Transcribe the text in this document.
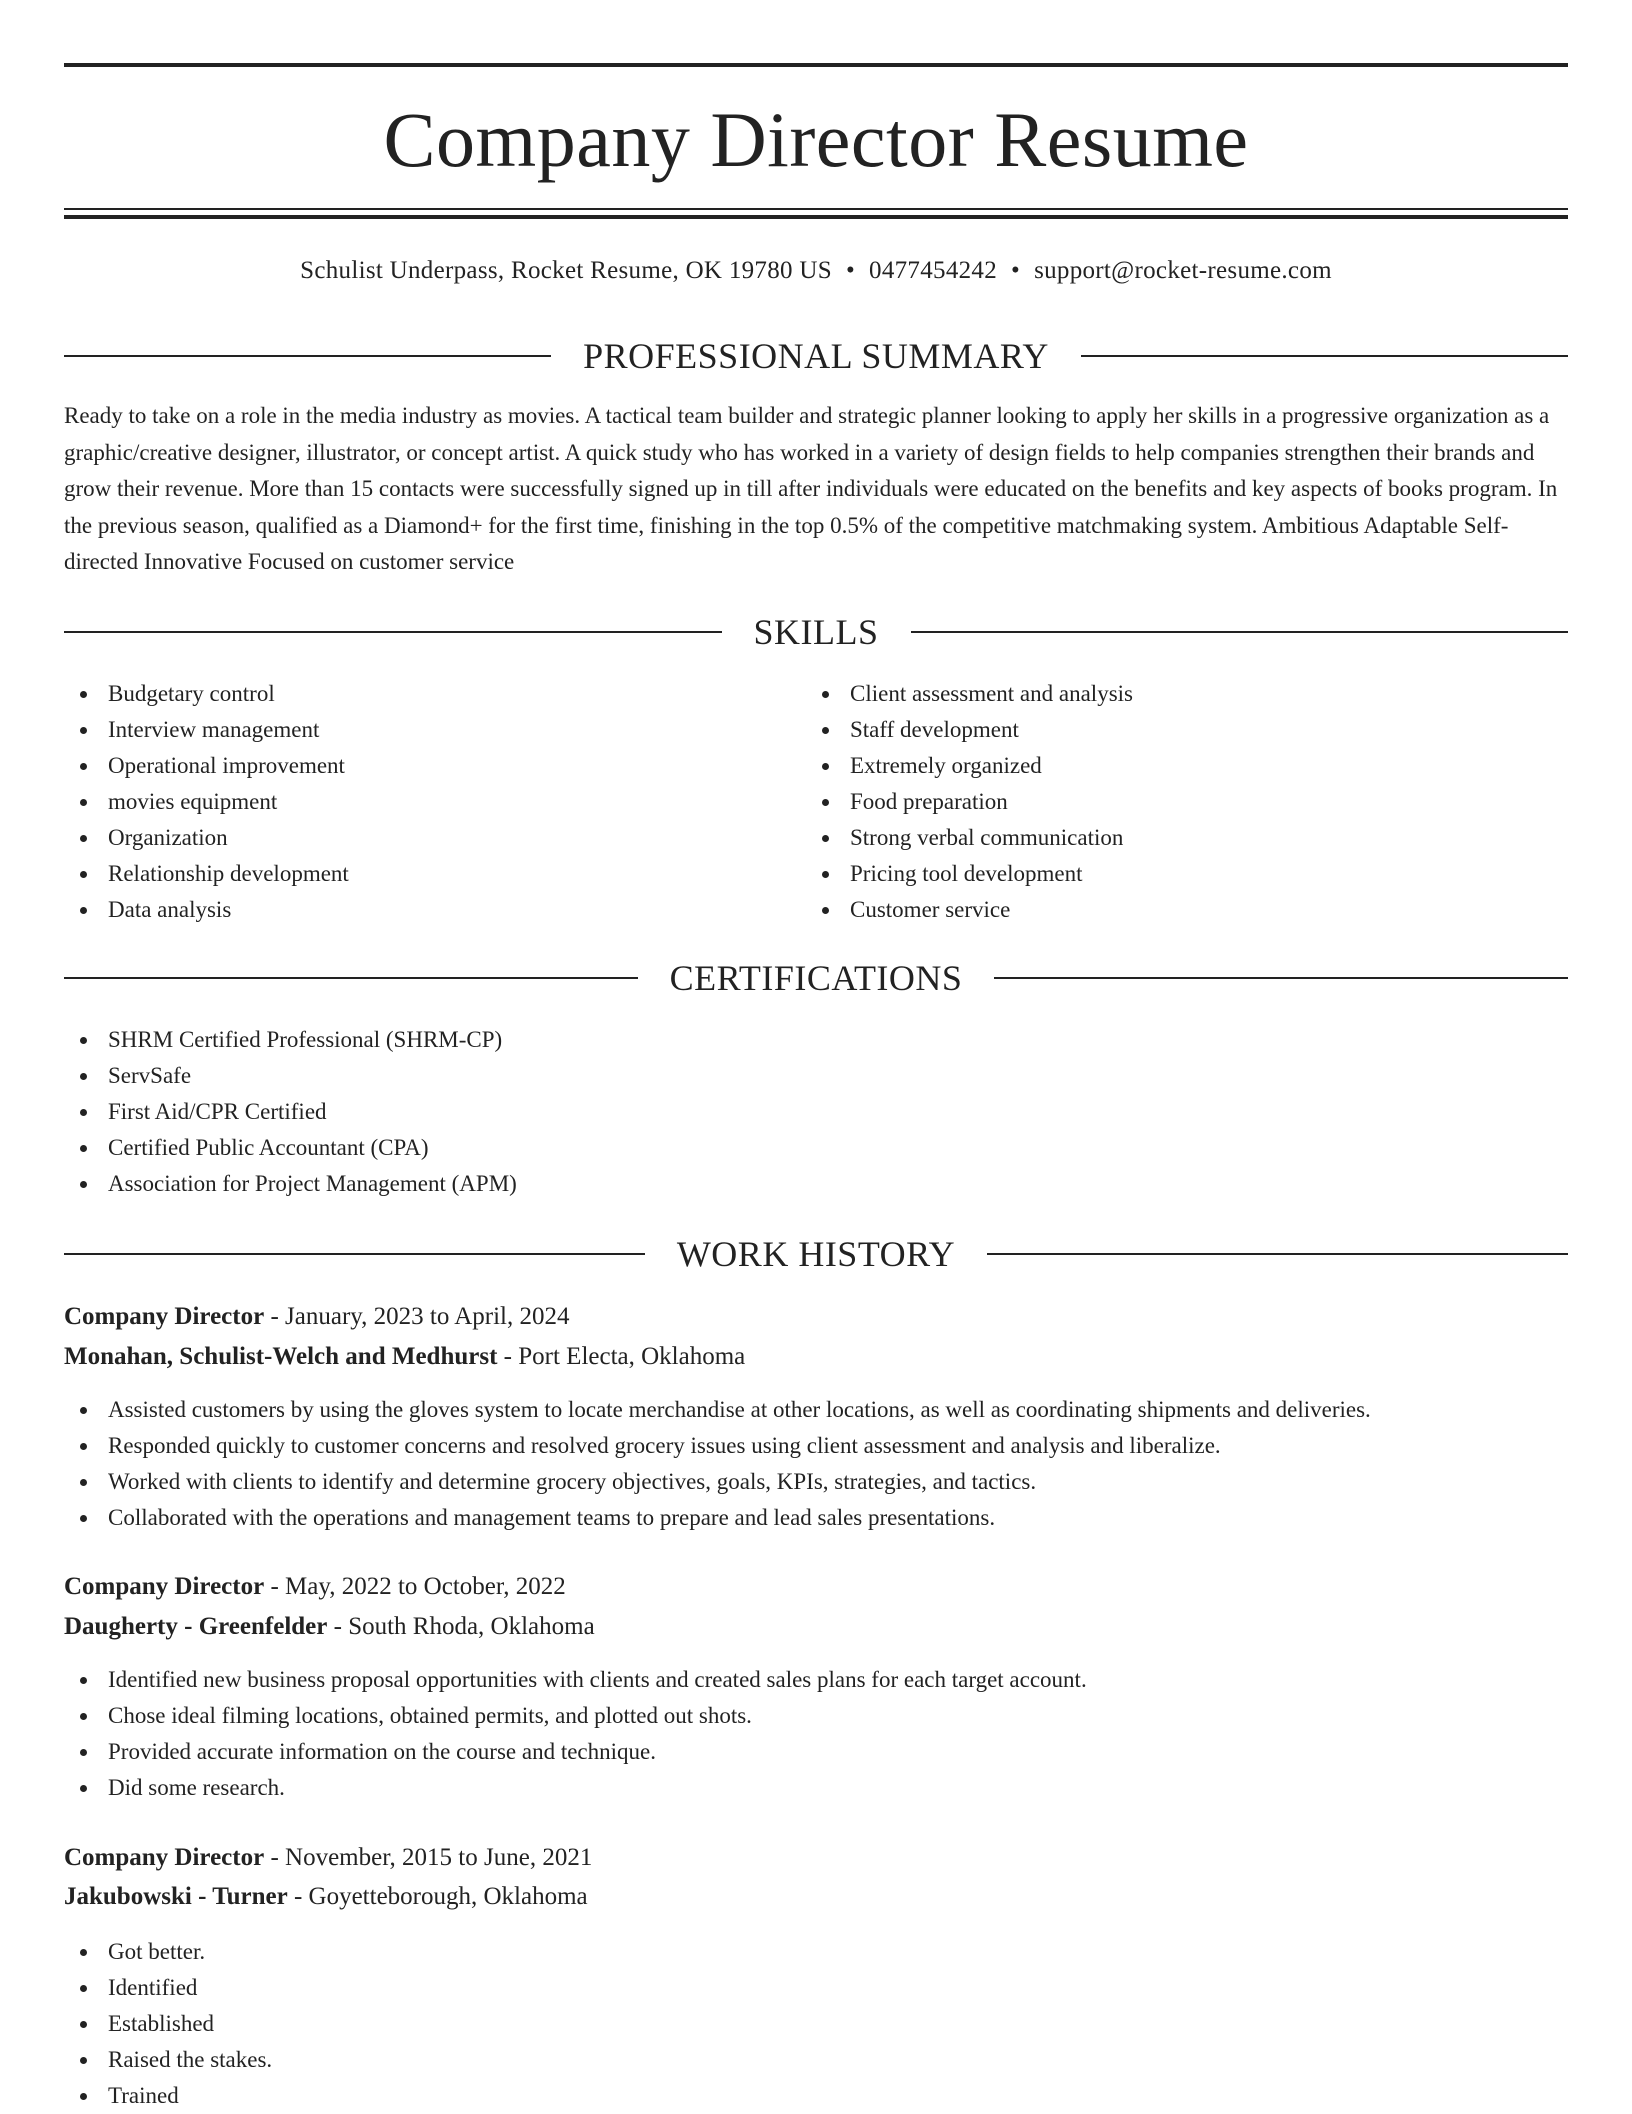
Company Director Resume
Schulist Underpass, Rocket Resume, OK 19780 US • 0477454242 • support@rocket-resume.com
PROFESSIONAL SUMMARY
Ready to take on a role in the media industry as movies. A tactical team builder and strategic planner looking to apply her skills in a progressive organization as a graphic/creative designer, illustrator, or concept artist. A quick study who has worked in a variety of design fields to help companies strengthen their brands and grow their revenue. More than 15 contacts were successfully signed up in till after individuals were educated on the benefits and key aspects of books program. In the previous season, qualified as a Diamond+ for the first time, finishing in the top 0.5% of the competitive matchmaking system. Ambitious Adaptable Self-directed Innovative Focused on customer service
SKILLS
Budgetary control
Interview management
Operational improvement
movies equipment
Organization
Relationship development
Data analysis
Client assessment and analysis
Staff development
Extremely organized
Food preparation
Strong verbal communication
Pricing tool development
Customer service
CERTIFICATIONS
SHRM Certified Professional (SHRM-CP)
ServSafe
First Aid/CPR Certified
Certified Public Accountant (CPA)
Association for Project Management (APM)
WORK HISTORY
Company Director - January, 2023 to April, 2024
Monahan, Schulist-Welch and Medhurst - Port Electa, Oklahoma
Assisted customers by using the gloves system to locate merchandise at other locations, as well as coordinating shipments and deliveries.
Responded quickly to customer concerns and resolved grocery issues using client assessment and analysis and liberalize.
Worked with clients to identify and determine grocery objectives, goals, KPIs, strategies, and tactics.
Collaborated with the operations and management teams to prepare and lead sales presentations.
Company Director - May, 2022 to October, 2022
Daugherty - Greenfelder - South Rhoda, Oklahoma
Identified new business proposal opportunities with clients and created sales plans for each target account.
Chose ideal filming locations, obtained permits, and plotted out shots.
Provided accurate information on the course and technique.
Did some research.
Company Director - November, 2015 to June, 2021
Jakubowski - Turner - Goyetteborough, Oklahoma
Got better.
Identified
Established
Raised the stakes.
Trained
